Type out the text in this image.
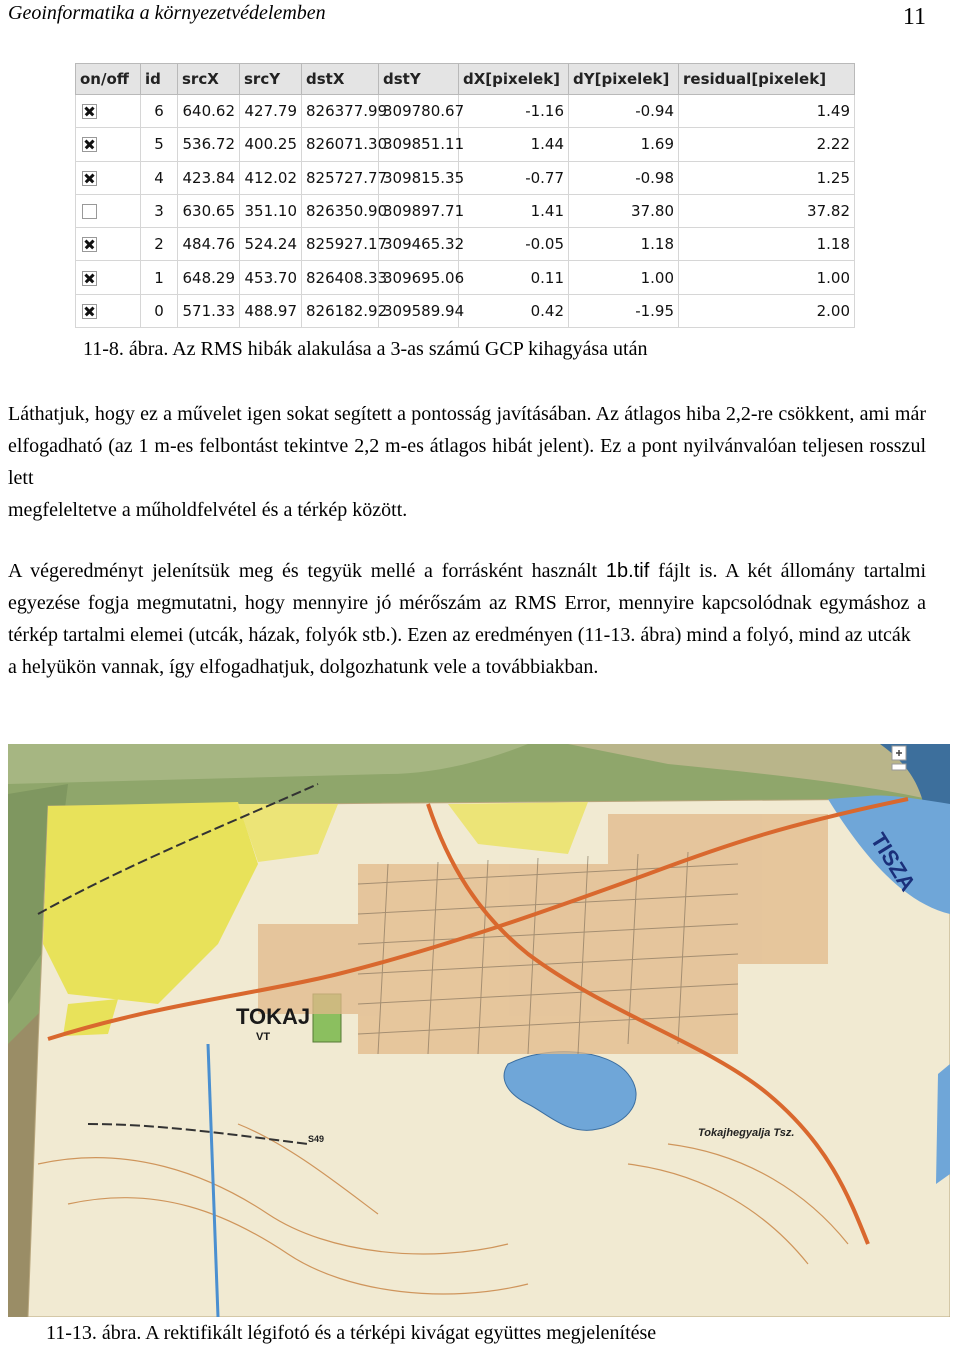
Geoinformatika a környezetvédelemben	11
on/off	id	srcX	srcY	dstX	dstY	dX[pixelek]	dY[pixelek]	residual[pixelek]
	6	640.62	427.79	826377.99	309780.67	-1.16	-0.94	1.49
	5	536.72	400.25	826071.30	309851.11	1.44	1.69	2.22
	4	423.84	412.02	825727.77	309815.35	-0.77	-0.98	1.25
	3	630.65	351.10	826350.90	309897.71	1.41	37.80	37.82
	2	484.76	524.24	825927.17	309465.32	-0.05	1.18	1.18
	1	648.29	453.70	826408.33	309695.06	0.11	1.00	1.00
	0	571.33	488.97	826182.92	309589.94	0.42	-1.95	2.00
11-8. ábra. Az RMS hibák alakulása a 3-as számú GCP kihagyása után
Láthatjuk, hogy ez a művelet igen sokat segített a pontosság javításában. Az átlagos hiba 2,2-re csökkent, ami már elfogadható (az 1 m-es felbontást tekintve 2,2 m-es átlagos hibát jelent). Ez a pont nyilvánvalóan teljesen rosszul lett
megfeleltetve a műholdfelvétel és a térkép között.
A végeredményt jelenítsük meg és tegyük mellé a forrásként használt 1b.tif fájlt is. A két állomány tartalmi egyezése fogja megmutatni, hogy mennyire jó mérőszám az RMS Error, mennyire kapcsolódnak egymáshoz a térkép tartalmi elemei (utcák, házak, folyók stb.). Ezen az eredményen (11-13. ábra) mind a folyó, mind az utcák
a helyükön vannak, így elfogadhatjuk, dolgozhatunk vele a továbbiakban.
TOKAJ
VT
TISZA
Tokajhegyalja Tsz.
S49
11-13. ábra. A rektifikált légifotó és a térképi kivágat együttes megjelenítése
